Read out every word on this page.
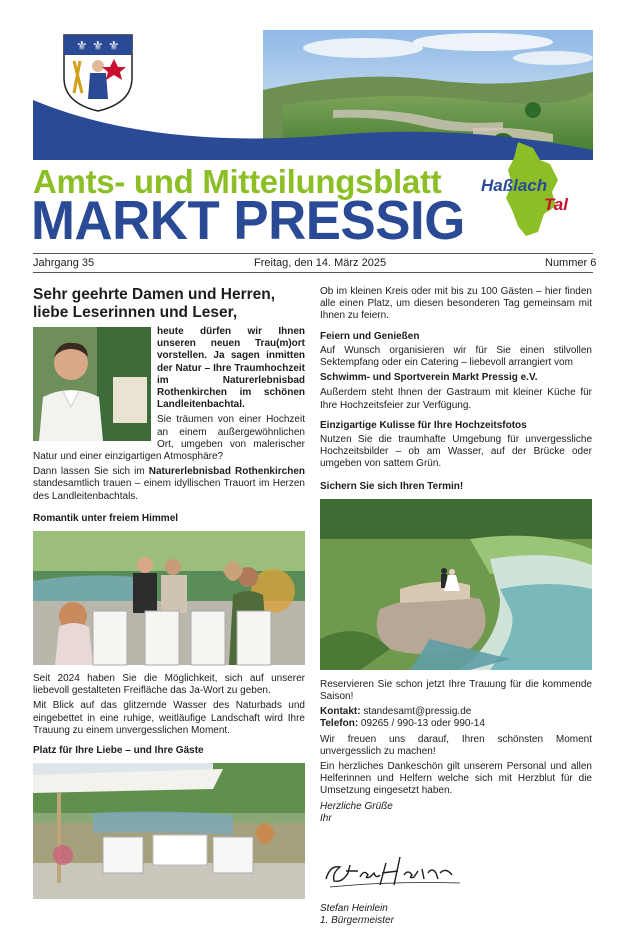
⚜ ⚜ ⚜
Amts- und Mitteilungsblatt
MARKT PRESSIG
Haßlach
Tal
Jahrgang 35	Freitag, den 14. März 2025	Nummer 6
Sehr geehrte Damen und Herren, liebe Leserinnen und Leser,
heute dürfen wir Ihnen unseren neuen Trau(m)ort vorstellen. Ja sagen inmitten der Natur – Ihre Traumhochzeit im Naturerlebnisbad Rothenkirchen im schönen Landleitenbachtal.
Sie träumen von einer Hochzeit an einem außergewöhnlichen Ort, umgeben von malerischer Natur und einer einzigartigen Atmosphäre?
Dann lassen Sie sich im Naturerlebnisbad Rothenkirchen standesamtlich trauen – einem idyllischen Trauort im Herzen des Landleitenbachtals.
Romantik unter freiem Himmel
Seit 2024 haben Sie die Möglichkeit, sich auf unserer liebevoll gestalteten Freifläche das Ja-Wort zu geben.
Mit Blick auf das glitzernde Wasser des Naturbads und eingebettet in eine ruhige, weitläufige Landschaft wird Ihre Trauung zu einem unvergesslichen Moment.
Platz für Ihre Liebe – und Ihre Gäste
Ob im kleinen Kreis oder mit bis zu 100 Gästen – hier finden alle einen Platz, um diesen besonderen Tag gemeinsam mit Ihnen zu feiern.
Feiern und Genießen
Auf Wunsch organisieren wir für Sie einen stilvollen Sektempfang oder ein Catering – liebevoll arrangiert vom
Schwimm- und Sportverein Markt Pressig e.V.
Außerdem steht Ihnen der Gastraum mit kleiner Küche für Ihre Hochzeitsfeier zur Verfügung.
Einzigartige Kulisse für Ihre Hochzeitsfotos
Nutzen Sie die traumhafte Umgebung für unvergessliche Hochzeitsbilder – ob am Wasser, auf der Brücke oder umgeben von sattem Grün.
Sichern Sie sich Ihren Termin!
Reservieren Sie schon jetzt Ihre Trauung für die kommende Saison!
Kontakt: standesamt@pressig.de
Telefon: 09265 / 990-13 oder 990-14
Wir freuen uns darauf, Ihren schönsten Moment unvergesslich zu machen!
Ein herzliches Dankeschön gilt unserem Personal und allen Helferinnen und Helfern welche sich mit Herzblut für die Umsetzung eingesetzt haben.
Herzliche Grüße
Ihr
Stefan Heinlein
1. Bürgermeister
